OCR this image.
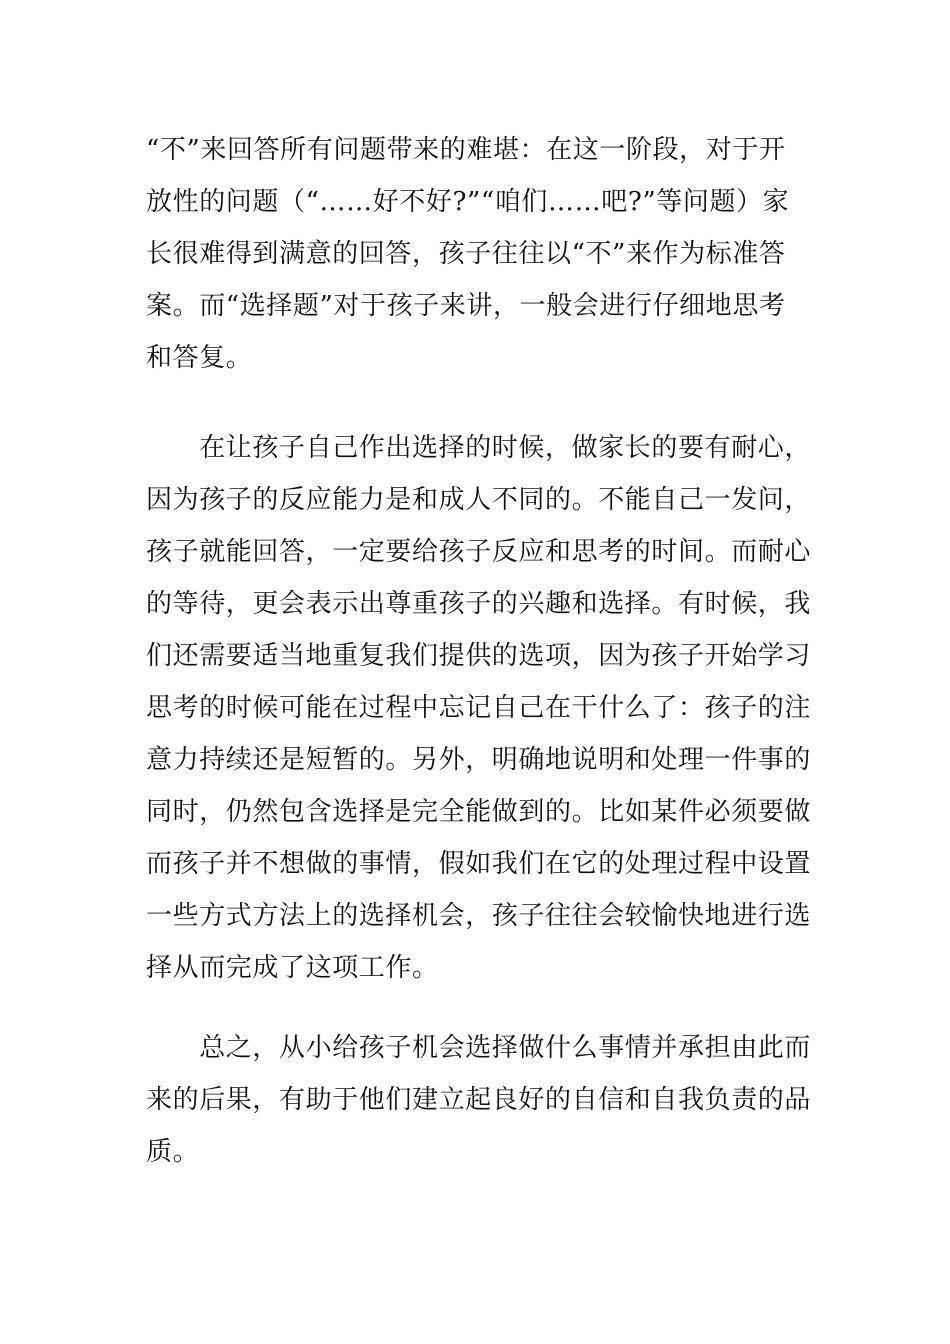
“不”来回答所有问题带来的难堪：在这一阶段，对于开
放性的问题（“……好不好?”“咱们……吧?”等问题）家
长很难得到满意的回答，孩子往往以“不”来作为标准答
案。而“选择题”对于孩子来讲，一般会进行仔细地思考
和答复。

　　在让孩子自己作出选择的时候，做家长的要有耐心，
因为孩子的反应能力是和成人不同的。不能自己一发问，
孩子就能回答，一定要给孩子反应和思考的时间。而耐心
的等待，更会表示出尊重孩子的兴趣和选择。有时候，我
们还需要适当地重复我们提供的选项，因为孩子开始学习
思考的时候可能在过程中忘记自己在干什么了：孩子的注
意力持续还是短暂的。另外，明确地说明和处理一件事的
同时，仍然包含选择是完全能做到的。比如某件必须要做
而孩子并不想做的事情，假如我们在它的处理过程中设置
一些方式方法上的选择机会，孩子往往会较愉快地进行选
择从而完成了这项工作。

　　总之，从小给孩子机会选择做什么事情并承担由此而
来的后果，有助于他们建立起良好的自信和自我负责的品
质。
